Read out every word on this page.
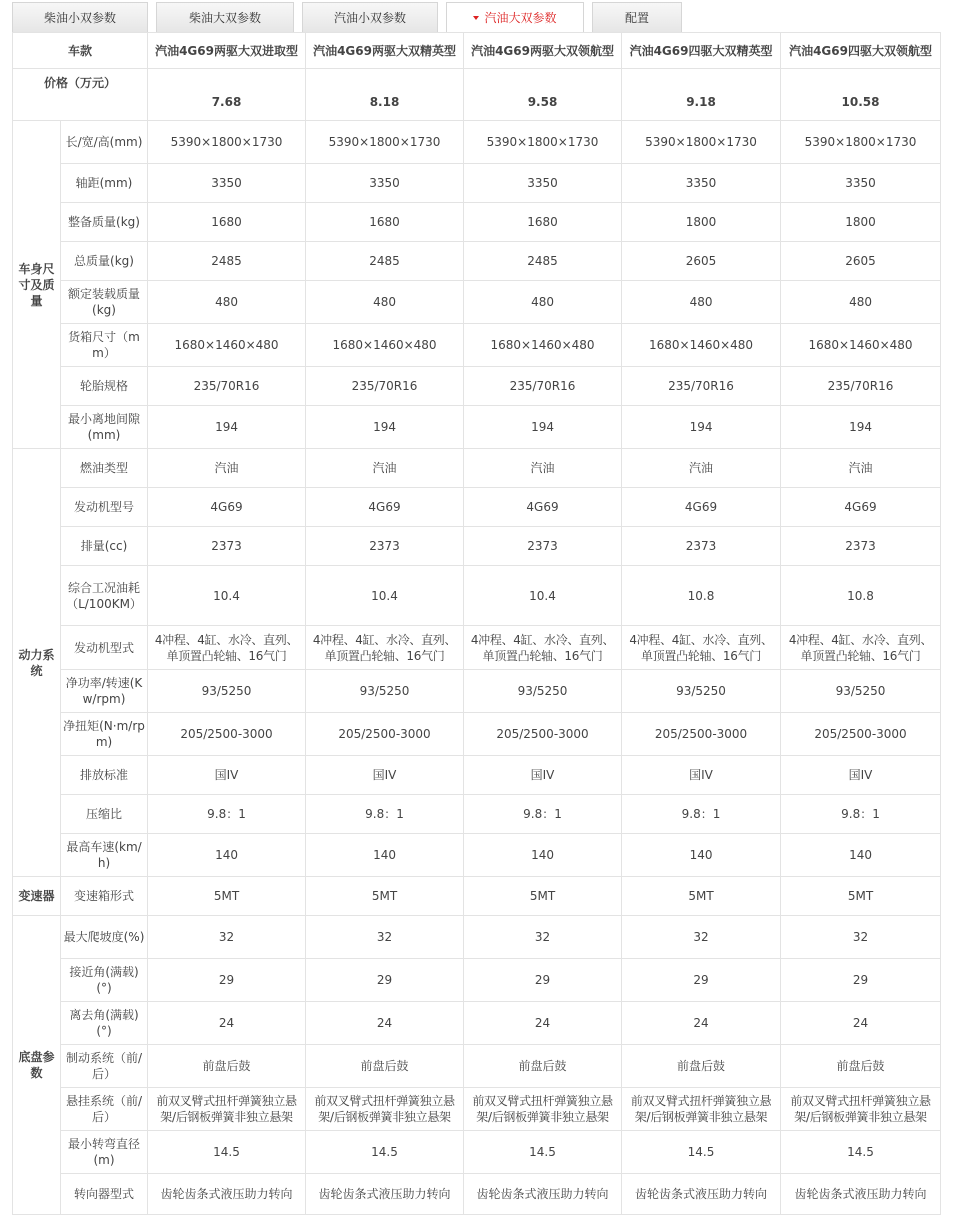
柴油小双参数	柴油大双参数	汽油小双参数	汽油大双参数	配置
车款		汽油4G69两驱大双进取型	汽油4G69两驱大双精英型	汽油4G69两驱大双领航型	汽油4G69四驱大双精英型	汽油4G69四驱大双领航型
价格（万元）		7.68	8.18	9.58	9.18	10.58
车身尺寸及质量	长/宽/高(mm)	5390×1800×1730	5390×1800×1730	5390×1800×1730	5390×1800×1730	5390×1800×1730
	轴距(mm)	3350	3350	3350	3350	3350
	整备质量(kg)	1680	1680	1680	1800	1800
	总质量(kg)	2485	2485	2485	2605	2605
	额定装载质量(kg)	480	480	480	480	480
	货箱尺寸（mm）	1680×1460×480	1680×1460×480	1680×1460×480	1680×1460×480	1680×1460×480
	轮胎规格	235/70R16	235/70R16	235/70R16	235/70R16	235/70R16
	最小离地间隙(mm)	194	194	194	194	194
动力系统	燃油类型	汽油	汽油	汽油	汽油	汽油
	发动机型号	4G69	4G69	4G69	4G69	4G69
	排量(cc)	2373	2373	2373	2373	2373
	综合工况油耗（L/100KM）	10.4	10.4	10.4	10.8	10.8
	发动机型式	4冲程、4缸、水冷、直列、单顶置凸轮轴、16气门	4冲程、4缸、水冷、直列、单顶置凸轮轴、16气门	4冲程、4缸、水冷、直列、单顶置凸轮轴、16气门	4冲程、4缸、水冷、直列、单顶置凸轮轴、16气门	4冲程、4缸、水冷、直列、单顶置凸轮轴、16气门
	净功率/转速(Kw/rpm)	93/5250	93/5250	93/5250	93/5250	93/5250
	净扭矩(N·m/rpm)	205/2500-3000	205/2500-3000	205/2500-3000	205/2500-3000	205/2500-3000
	排放标准	国IV	国IV	国IV	国IV	国IV
	压缩比	9.8：1	9.8：1	9.8：1	9.8：1	9.8：1
	最高车速(km/h)	140	140	140	140	140
变速器	变速箱形式	5MT	5MT	5MT	5MT	5MT
底盘参数	最大爬坡度(%)	32	32	32	32	32
	接近角(满载)(°)	29	29	29	29	29
	离去角(满载)(°)	24	24	24	24	24
	制动系统（前/后）	前盘后鼓	前盘后鼓	前盘后鼓	前盘后鼓	前盘后鼓
	悬挂系统（前/后）	前双叉臂式扭杆弹簧独立悬架/后钢板弹簧非独立悬架	前双叉臂式扭杆弹簧独立悬架/后钢板弹簧非独立悬架	前双叉臂式扭杆弹簧独立悬架/后钢板弹簧非独立悬架	前双叉臂式扭杆弹簧独立悬架/后钢板弹簧非独立悬架	前双叉臂式扭杆弹簧独立悬架/后钢板弹簧非独立悬架
	最小转弯直径(m)	14.5	14.5	14.5	14.5	14.5
	转向器型式	齿轮齿条式液压助力转向	齿轮齿条式液压助力转向	齿轮齿条式液压助力转向	齿轮齿条式液压助力转向	齿轮齿条式液压助力转向
